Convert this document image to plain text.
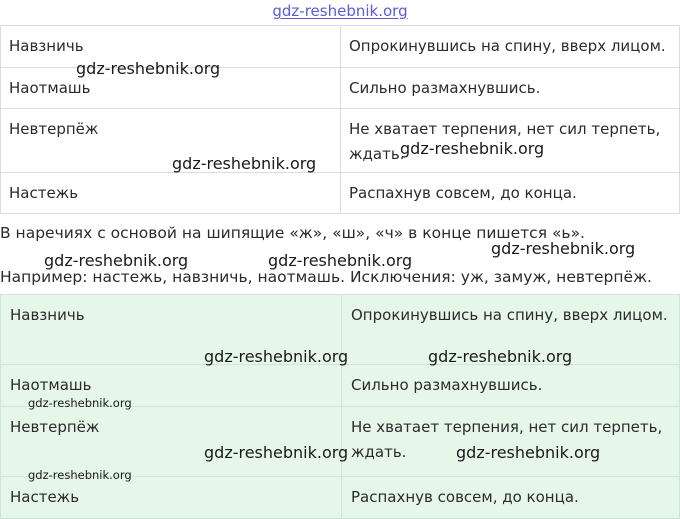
gdz-reshebnik.org
Навзничь	Опрокинувшись на спину, вверх лицом.
Наотмашь	Сильно размахнувшись.
Невтерпёж	Не хватает терпения, нет сил терпеть, ждать.
Настежь	Распахнув совсем, до конца.
В наречиях с основой на шипящие «ж», «ш», «ч» в конце пишется «ь».
Например: настежь, навзничь, наотмашь. Исключения: уж, замуж, невтерпёж.
Навзничь	Опрокинувшись на спину, вверх лицом.
Наотмашь	Сильно размахнувшись.
Невтерпёж	Не хватает терпения, нет сил терпеть, ждать.
Настежь	Распахнув совсем, до конца.
gdz-reshebnik.org
gdz-reshebnik.org
gdz-reshebnik.org
gdz-reshebnik.org
gdz-reshebnik.org	gdz-reshebnik.org
gdz-reshebnik.org	gdz-reshebnik.org
gdz-reshebnik.org
gdz-reshebnik.org	gdz-reshebnik.org
gdz-reshebnik.org
